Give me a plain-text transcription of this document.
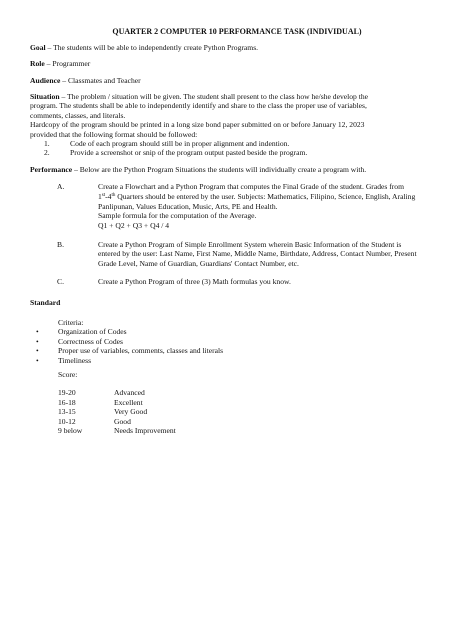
QUARTER 2 COMPUTER 10 PERFORMANCE TASK (INDIVIDUAL)
Goal – The students will be able to independently create Python Programs.
Role – Programmer
Audience – Classmates and Teacher
Situation – The problem / situation will be given. The student shall present to the class how he/she develop the
program. The students shall be able to independently identify and share to the class the proper use of variables,
comments, classes, and literals.
Hardcopy of the program should be printed in a long size bond paper submitted on or before January 12, 2023
provided that the following format should be followed:
1.	Code of each program should still be in proper alignment and indention.
2.	Provide a screenshot or snip of the program output pasted beside the program.
Performance – Below are the Python Program Situations the students will individually create a program with.
A.	Create a Flowchart and a Python Program that computes the Final Grade of the student. Grades from
1st-4th Quarters should be entered by the user. Subjects: Mathematics, Filipino, Science, English, Araling
Panlipunan, Values Education, Music, Arts, PE and Health.
Sample formula for the computation of the Average.
Q1 + Q2 + Q3 + Q4 / 4
B.	Create a Python Program of Simple Enrollment System wherein Basic Information of the Student is
entered by the user: Last Name, First Name, Middle Name, Birthdate, Address, Contact Number, Present
Grade Level, Name of Guardian, Guardians' Contact Number, etc.
C.	Create a Python Program of three (3) Math formulas you know.
Standard
Criteria:
•	Organization of Codes
•	Correctness of Codes
•	Proper use of variables, comments, classes and literals
•	Timeliness
Score:
19-20	Advanced
16-18	Excellent
13-15	Very Good
10-12	Good
9 below	Needs Improvement
